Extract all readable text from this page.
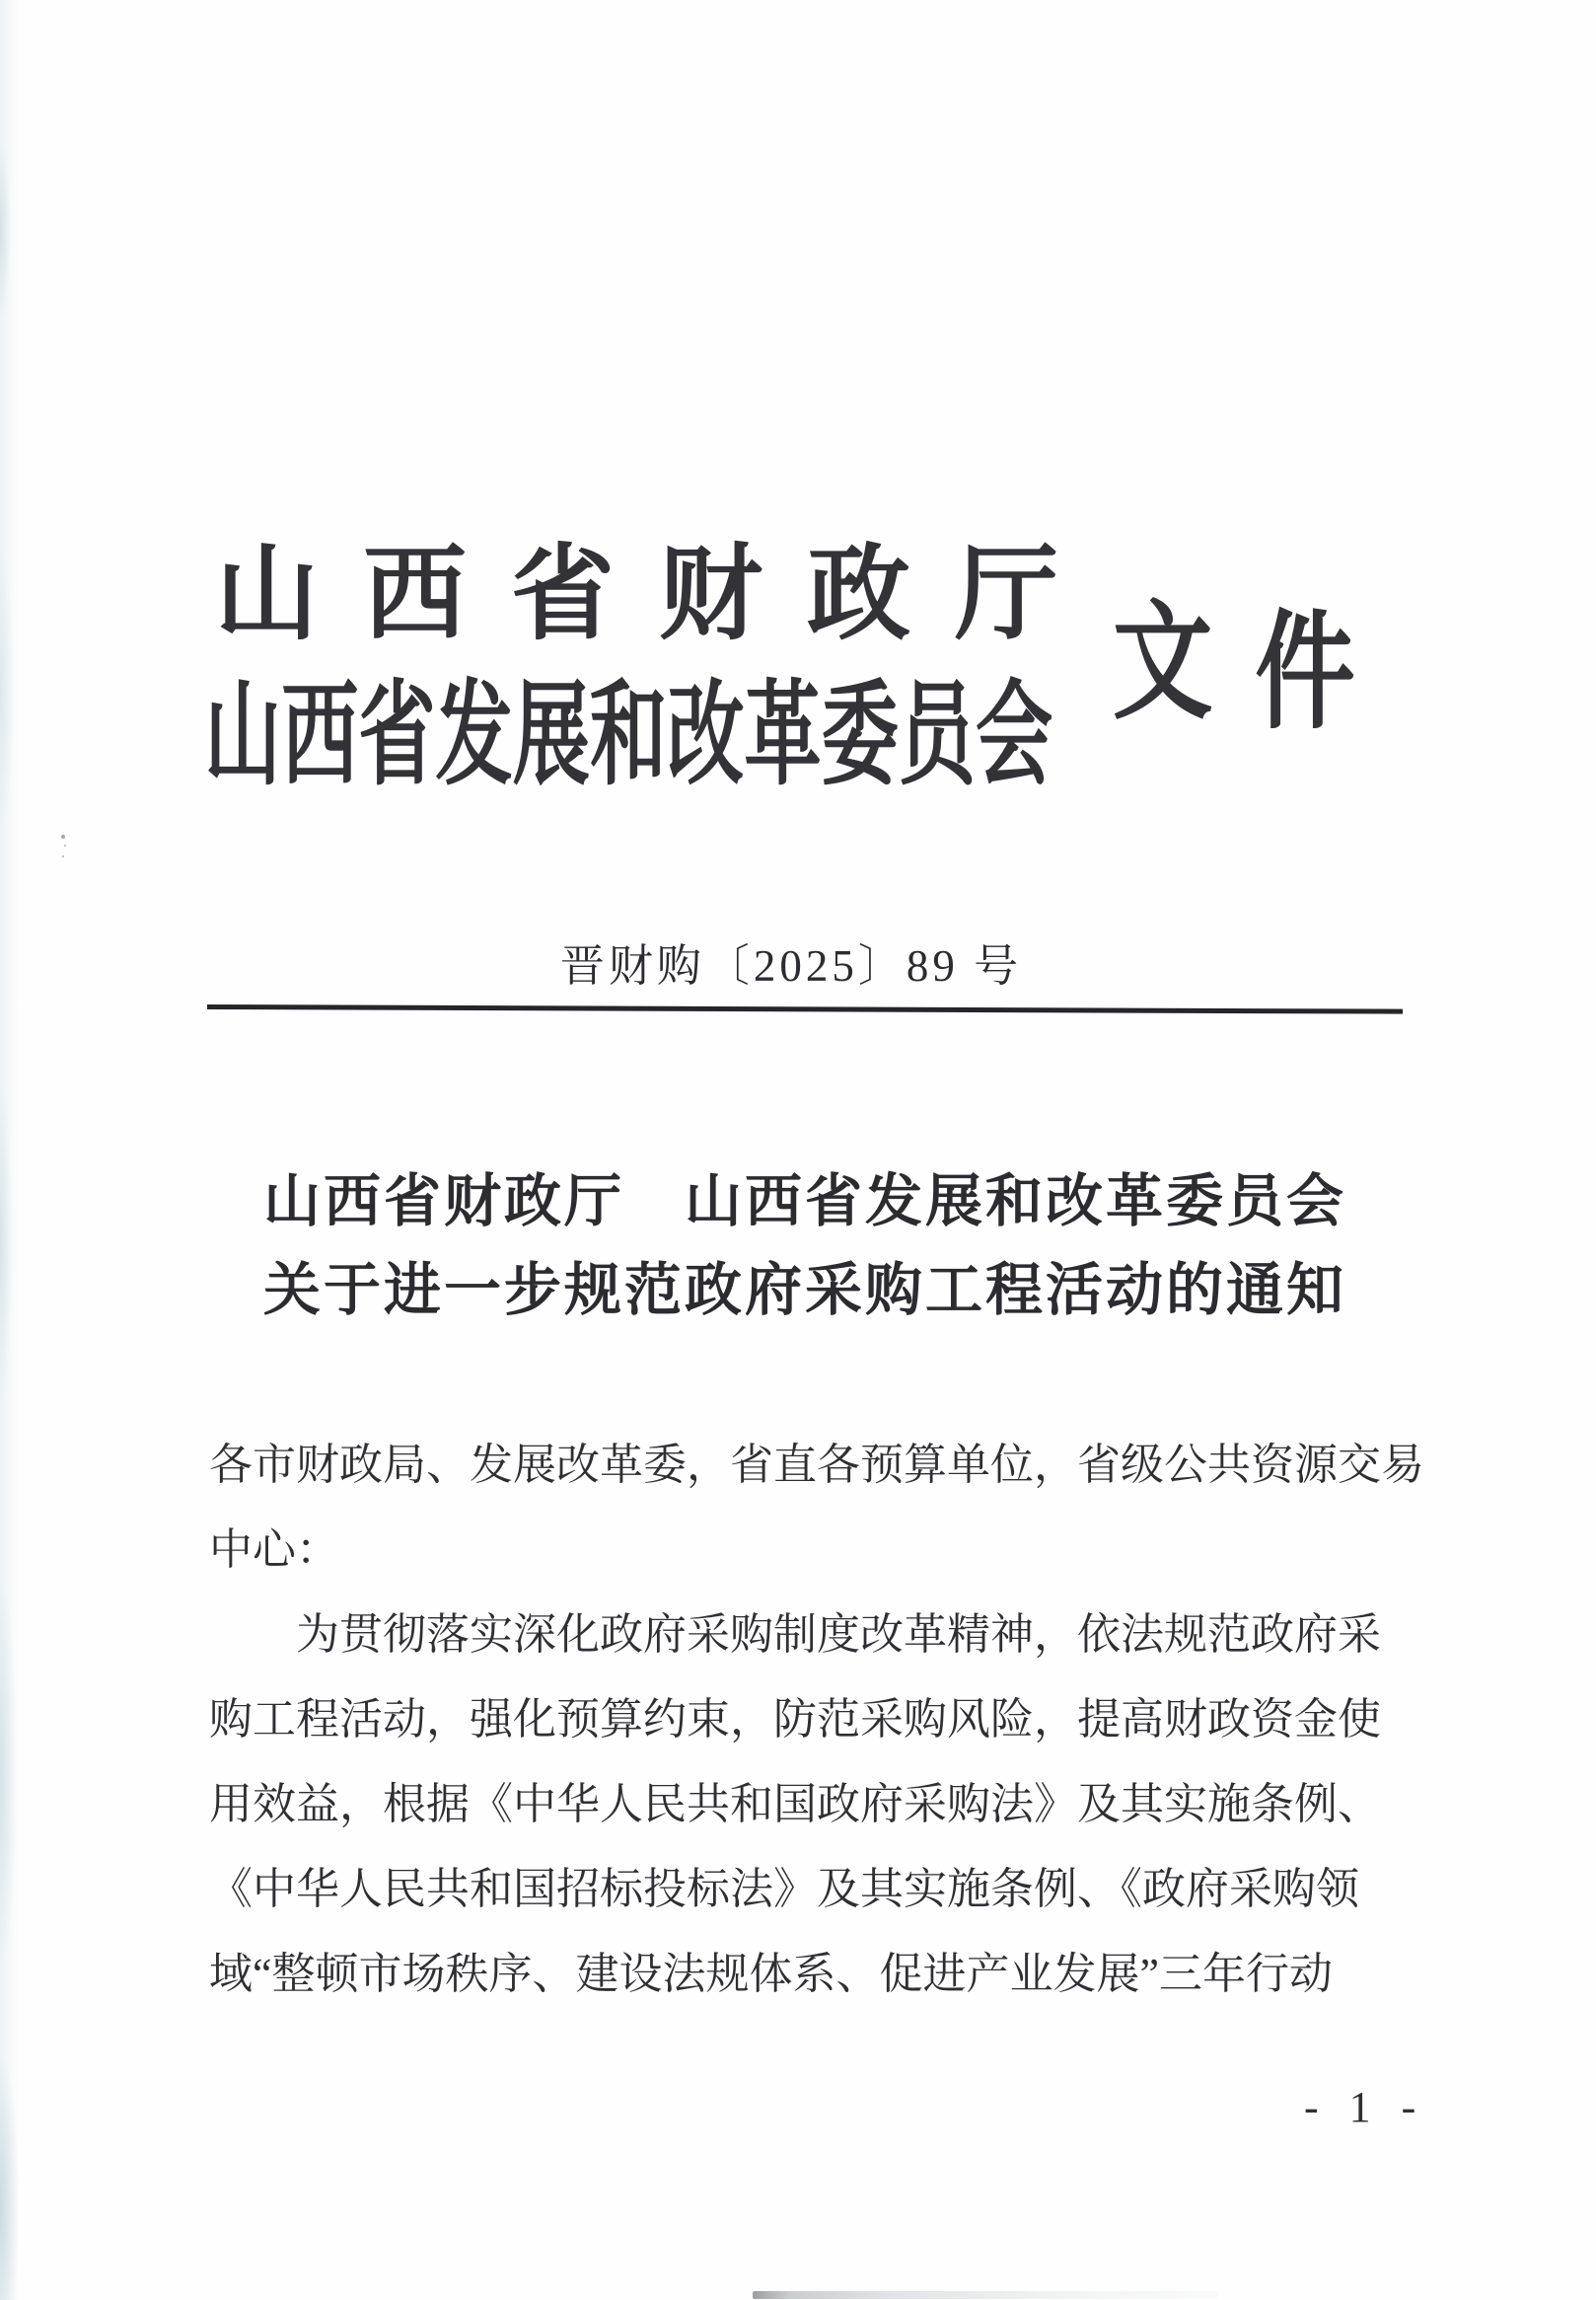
山西省财政厅
山西省发展和改革委员会
文 件
晋财购〔2025〕89 号
山西省财政厅　山西省发展和改革委员会
关于进一步规范政府采购工程活动的通知
各市财政局、发展改革委，省直各预算单位，省级公共资源交易
中心：
为贯彻落实深化政府采购制度改革精神，依法规范政府采
购工程活动，强化预算约束，防范采购风险，提高财政资金使
用效益，根据《中华人民共和国政府采购法》及其实施条例、
《中华人民共和国招标投标法》及其实施条例、《政府采购领
域“整顿市场秩序、建设法规体系、促进产业发展”三年行动
- 1 -
